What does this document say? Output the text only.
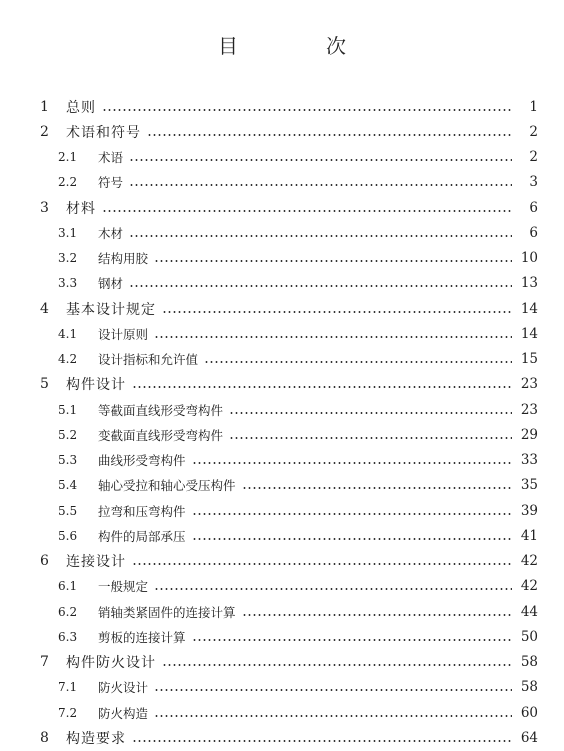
目　次
1	总则	1
2	术语和符号	2
2.1	术语	2
2.2	符号	3
3	材料	6
3.1	木材	6
3.2	结构用胶	10
3.3	钢材	13
4	基本设计规定	14
4.1	设计原则	14
4.2	设计指标和允许值	15
5	构件设计	23
5.1	等截面直线形受弯构件	23
5.2	变截面直线形受弯构件	29
5.3	曲线形受弯构件	33
5.4	轴心受拉和轴心受压构件	35
5.5	拉弯和压弯构件	39
5.6	构件的局部承压	41
6	连接设计	42
6.1	一般规定	42
6.2	销轴类紧固件的连接计算	44
6.3	剪板的连接计算	50
7	构件防火设计	58
7.1	防火设计	58
7.2	防火构造	60
8	构造要求	64
